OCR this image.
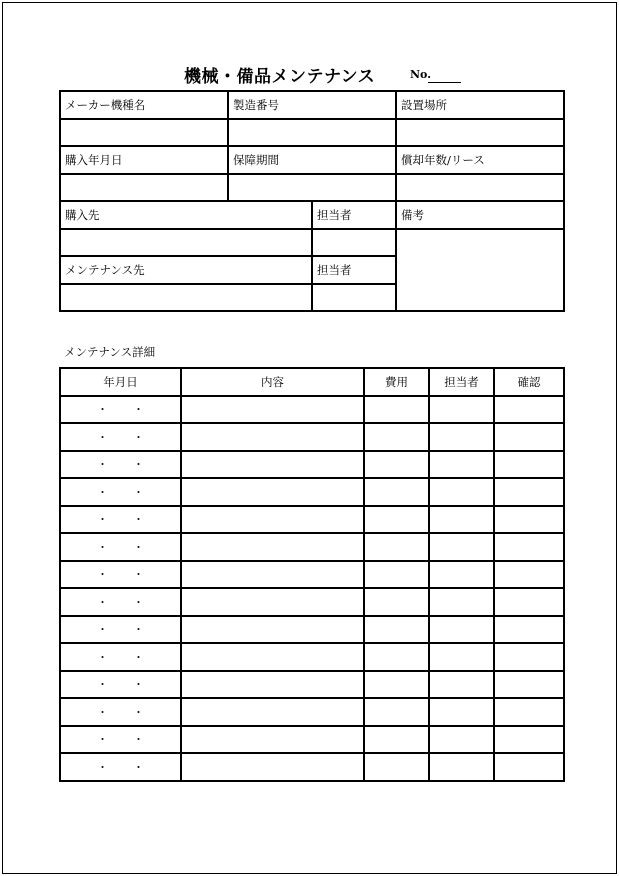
機械・備品メンテナンス	No.
メーカー機種名	製造番号		設置場所

購入年月日	保障期間		償却年数/リース

購入先		担当者	備考

メンテナンス先		担当者	

メンテナンス詳細
年月日	内容	費用	担当者	確認
・ ・				
・ ・				
・ ・				
・ ・				
・ ・				
・ ・				
・ ・				
・ ・				
・ ・				
・ ・				
・ ・				
・ ・				
・ ・				
・ ・				
